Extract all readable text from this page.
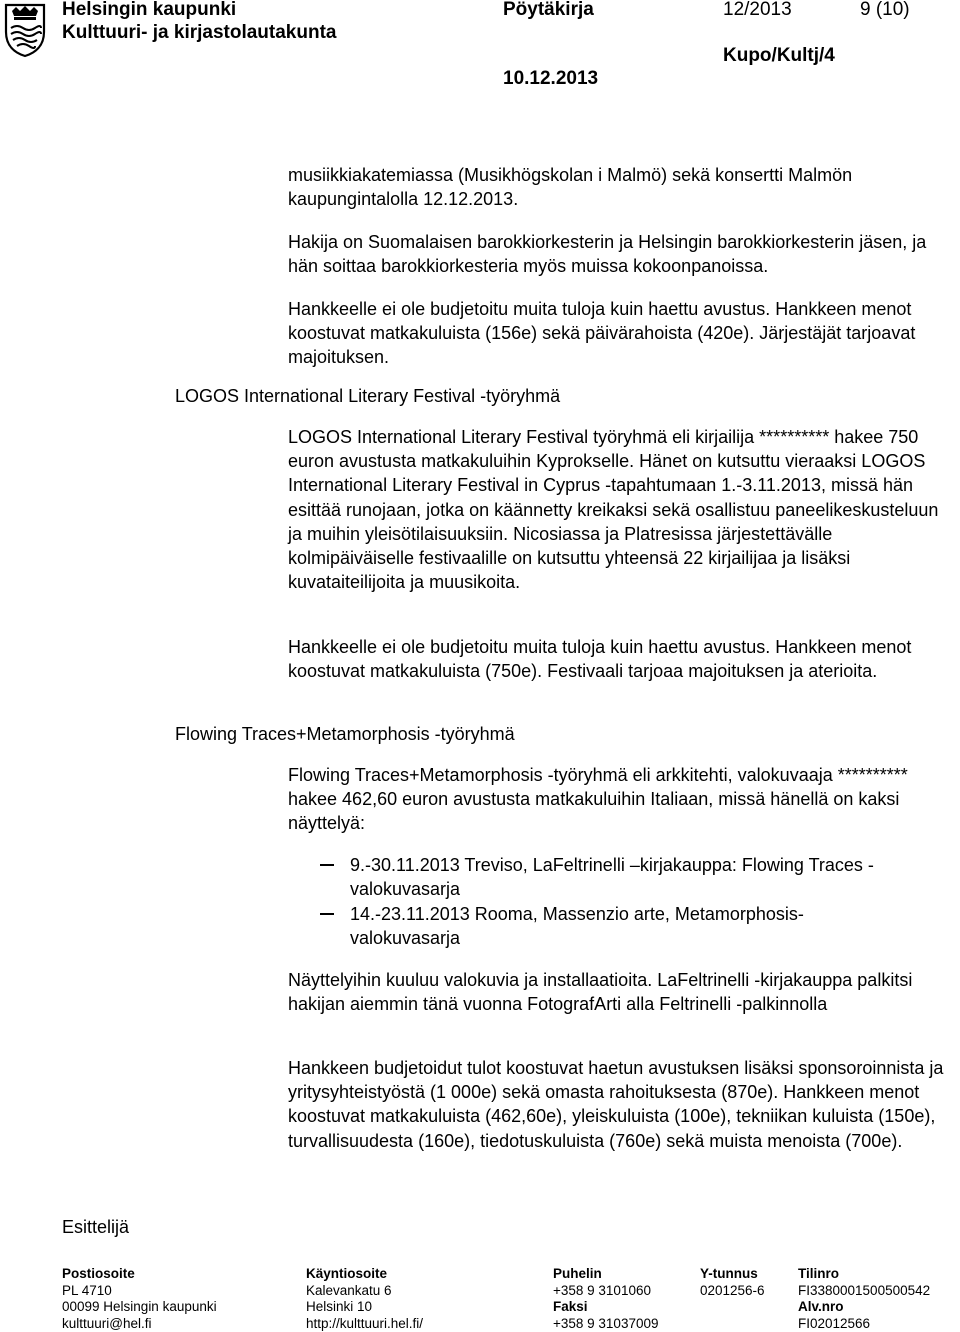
Helsingin kaupunki
Kulttuuri- ja kirjastolautakunta
Pöytäkirja	12/2013	9 (10)
Kupo/Kultj/4
10.12.2013
musiikkiakatemiassa (Musikhögskolan i Malmö) sekä konsertti Malmön kaupungintalolla 12.12.2013.
Hakija on Suomalaisen barokkiorkesterin ja Helsingin barokkiorkesterin jäsen, ja hän soittaa barokkiorkesteria myös muissa kokoonpanoissa.
Hankkeelle ei ole budjetoitu muita tuloja kuin haettu avustus. Hankkeen menot koostuvat matkakuluista (156e) sekä päivärahoista (420e). Järjestäjät tarjoavat majoituksen.
LOGOS International Literary Festival -työryhmä
LOGOS International Literary Festival työryhmä eli kirjailija ********** hakee 750 euron avustusta matkakuluihin Kyprokselle. Hänet on kutsuttu vieraaksi LOGOS International Literary Festival in Cyprus -tapahtumaan 1.-3.11.2013, missä hän esittää runojaan, jotka on käännetty kreikaksi sekä osallistuu paneelikeskusteluun ja muihin yleisötilaisuuksiin. Nicosiassa ja Platresissa järjestettävälle kolmipäiväiselle festivaalille on kutsuttu yhteensä 22 kirjailijaa ja lisäksi kuvataiteilijoita ja muusikoita.
Hankkeelle ei ole budjetoitu muita tuloja kuin haettu avustus. Hankkeen menot koostuvat matkakuluista (750e). Festivaali tarjoaa majoituksen ja aterioita.
Flowing Traces+Metamorphosis -työryhmä
Flowing Traces+Metamorphosis -työryhmä eli arkkitehti, valokuvaaja ********** hakee 462,60 euron avustusta matkakuluihin Italiaan, missä hänellä on kaksi näyttelyä:
9.-30.11.2013 Treviso, LaFeltrinelli –kirjakauppa: Flowing Traces -valokuvasarja
14.-23.11.2013 Rooma, Massenzio arte, Metamorphosis-valokuvasarja
Näyttelyihin kuuluu valokuvia ja installaatioita. LaFeltrinelli -kirjakauppa palkitsi hakijan aiemmin tänä vuonna FotografArti alla Feltrinelli -palkinnolla
Hankkeen budjetoidut tulot koostuvat haetun avustuksen lisäksi sponsoroinnista ja yritysyhteistyöstä (1 000e) sekä omasta rahoituksesta (870e). Hankkeen menot koostuvat matkakuluista (462,60e), yleiskuluista (100e), tekniikan kuluista (150e), turvallisuudesta (160e), tiedotuskuluista (760e) sekä muista menoista (700e).
Esittelijä
Postiosoite
PL 4710
00099 Helsingin kaupunki
kulttuuri@hel.fi
Käyntiosoite
Kalevankatu 6
Helsinki 10
http://kulttuuri.hel.fi/
Puhelin
+358 9 3101060
Faksi
+358 9 31037009
Y-tunnus
0201256-6
Tilinro
FI3380001500500542
Alv.nro
FI02012566
